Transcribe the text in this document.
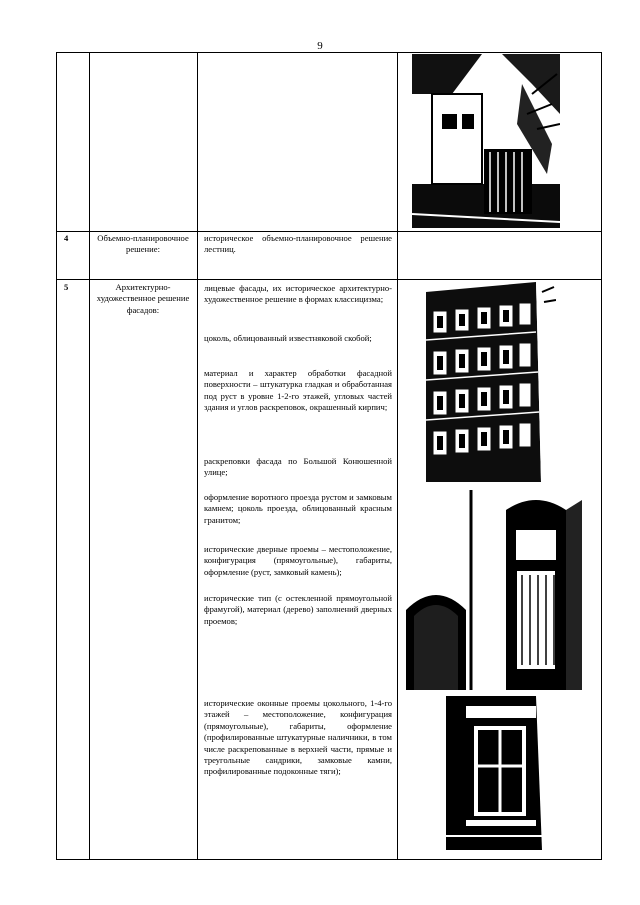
9
4	Объемно-планировочное решение:

историческое объемно-планировочное решение лестниц.

5	Архитектурно-художественное решение фасадов:

лицевые фасады, их историческое архитектурно-художественное решение в формах классицизма;

цоколь, облицованный известняковой скобой;

материал и характер обработки фасадной поверхности – штукатурка гладкая и обработанная под руст в уровне 1-2-го этажей, угловых частей здания и углов раскреповок, окрашенный кирпич;

раскреповки фасада по Большой Конюшенной улице;

оформление воротного проезда рустом и замковым камнем; цоколь проезда, облицованный красным гранитом;

исторические дверные проемы – местоположение, конфигурация (прямоугольные), габариты, оформление (руст, замковый камень);

исторические тип (с остекленной прямоугольной фрамугой), материал (дерево) заполнений дверных проемов;

исторические оконные проемы цокольного, 1-4-го этажей – местоположение, конфигурация (прямоугольные), габариты, оформление (профилированные штукатурные наличники, в том числе раскрепованные в верхней части, прямые и треугольные сандрики, замковые камни, профилированные подоконные тяги);
